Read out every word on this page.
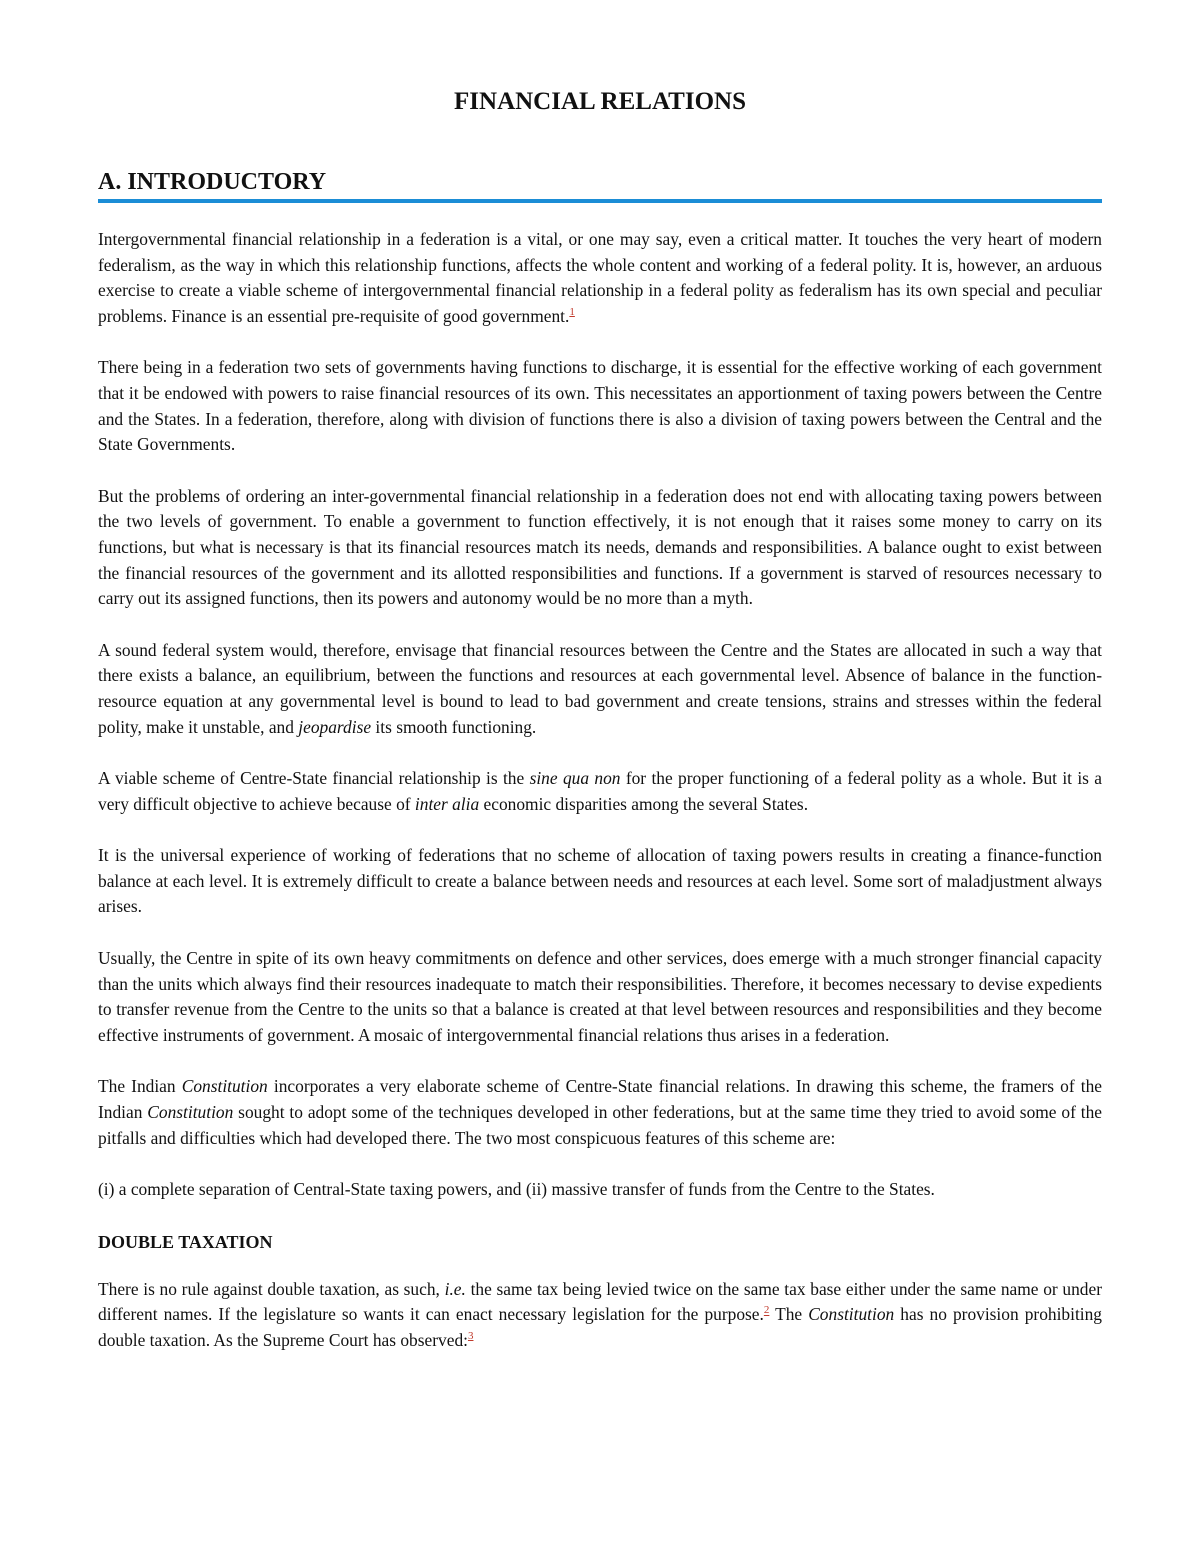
FINANCIAL RELATIONS
A. INTRODUCTORY

Intergovernmental financial relationship in a federation is a vital, or one may say, even a critical matter. It touches the very heart of modern federalism, as the way in which this relationship functions, affects the whole content and working of a federal polity. It is, however, an arduous exercise to create a viable scheme of intergovernmental financial relationship in a federal polity as federalism has its own special and peculiar problems. Finance is an essential pre-requisite of good government.$^1$

There being in a federation two sets of governments having functions to discharge, it is essential for the effective working of each government that it be endowed with powers to raise financial resources of its own. This necessitates an apportionment of taxing powers between the Centre and the States. In a federation, therefore, along with division of functions there is also a division of taxing powers between the Central and the State Governments.

But the problems of ordering an inter-governmental financial relationship in a federation does not end with allocating taxing powers between the two levels of government. To enable a government to function effectively, it is not enough that it raises some money to carry on its functions, but what is necessary is that its financial resources match its needs, demands and responsibilities. A balance ought to exist between the financial resources of the government and its allotted responsibilities and functions. If a government is starved of resources necessary to carry out its assigned functions, then its powers and autonomy would be no more than a myth.

A sound federal system would, therefore, envisage that financial resources between the Centre and the States are allocated in such a way that there exists a balance, an equilibrium, between the functions and resources at each governmental level. Absence of balance in the function-resource equation at any governmental level is bound to lead to bad government and create tensions, strains and stresses within the federal polity, make it unstable, and jeopardise its smooth functioning.

A viable scheme of Centre-State financial relationship is the sine qua non for the proper functioning of a federal polity as a whole. But it is a very difficult objective to achieve because of inter alia economic disparities among the several States.

It is the universal experience of working of federations that no scheme of allocation of taxing powers results in creating a finance-function balance at each level. It is extremely difficult to create a balance between needs and resources at each level. Some sort of maladjustment always arises.

Usually, the Centre in spite of its own heavy commitments on defence and other services, does emerge with a much stronger financial capacity than the units which always find their resources inadequate to match their responsibilities. Therefore, it becomes necessary to devise expedients to transfer revenue from the Centre to the units so that a balance is created at that level between resources and responsibilities and they become effective instruments of government. A mosaic of intergovernmental financial relations thus arises in a federation.

The Indian Constitution incorporates a very elaborate scheme of Centre-State financial relations. In drawing this scheme, the framers of the Indian Constitution sought to adopt some of the techniques developed in other federations, but at the same time they tried to avoid some of the pitfalls and difficulties which had developed there. The two most conspicuous features of this scheme are:

(i) a complete separation of Central-State taxing powers, and (ii) massive transfer of funds from the Centre to the States.

DOUBLE TAXATION

There is no rule against double taxation, as such, i.e. the same tax being levied twice on the same tax base either under the same name or under different names. If the legislature so wants it can enact necessary legislation for the purpose.$^2$ The Constitution has no provision prohibiting double taxation. As the Supreme Court has observed:$^3$
